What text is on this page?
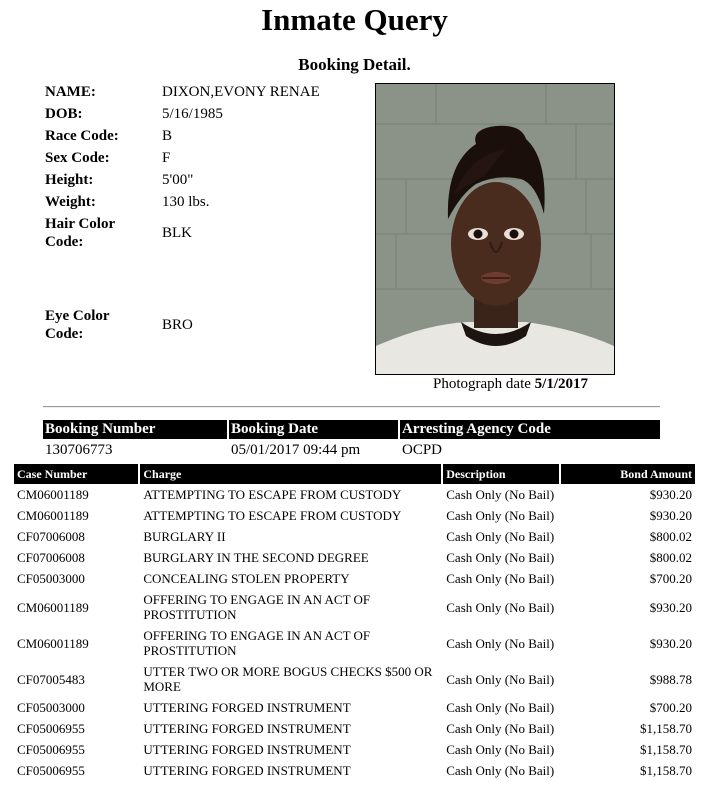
Inmate Query
Booking Detail.
NAME:	DIXON,EVONY RENAE
DOB:	5/16/1985
Race Code:	B
Sex Code:	F
Height:	5'00"
Weight:	130 lbs.
Hair Color Code:
BLK
Eye Color Code:
BRO
Photograph date 5/1/2017
Booking Number	Booking Date	Arresting Agency Code
130706773	05/01/2017 09:44 pm	OCPD
Case Number	Charge	Description	Bond Amount
CM06001189	ATTEMPTING TO ESCAPE FROM CUSTODY	Cash Only (No Bail)	$930.20
CM06001189	ATTEMPTING TO ESCAPE FROM CUSTODY	Cash Only (No Bail)	$930.20
CF07006008	BURGLARY II	Cash Only (No Bail)	$800.02
CF07006008	BURGLARY IN THE SECOND DEGREE	Cash Only (No Bail)	$800.02
CF05003000	CONCEALING STOLEN PROPERTY	Cash Only (No Bail)	$700.20
CM06001189	OFFERING TO ENGAGE IN AN ACT OF PROSTITUTION	Cash Only (No Bail)	$930.20
CM06001189	OFFERING TO ENGAGE IN AN ACT OF PROSTITUTION	Cash Only (No Bail)	$930.20
CF07005483	UTTER TWO OR MORE BOGUS CHECKS $500 OR MORE	Cash Only (No Bail)	$988.78
CF05003000	UTTERING FORGED INSTRUMENT	Cash Only (No Bail)	$700.20
CF05006955	UTTERING FORGED INSTRUMENT	Cash Only (No Bail)	$1,158.70
CF05006955	UTTERING FORGED INSTRUMENT	Cash Only (No Bail)	$1,158.70
CF05006955	UTTERING FORGED INSTRUMENT	Cash Only (No Bail)	$1,158.70
